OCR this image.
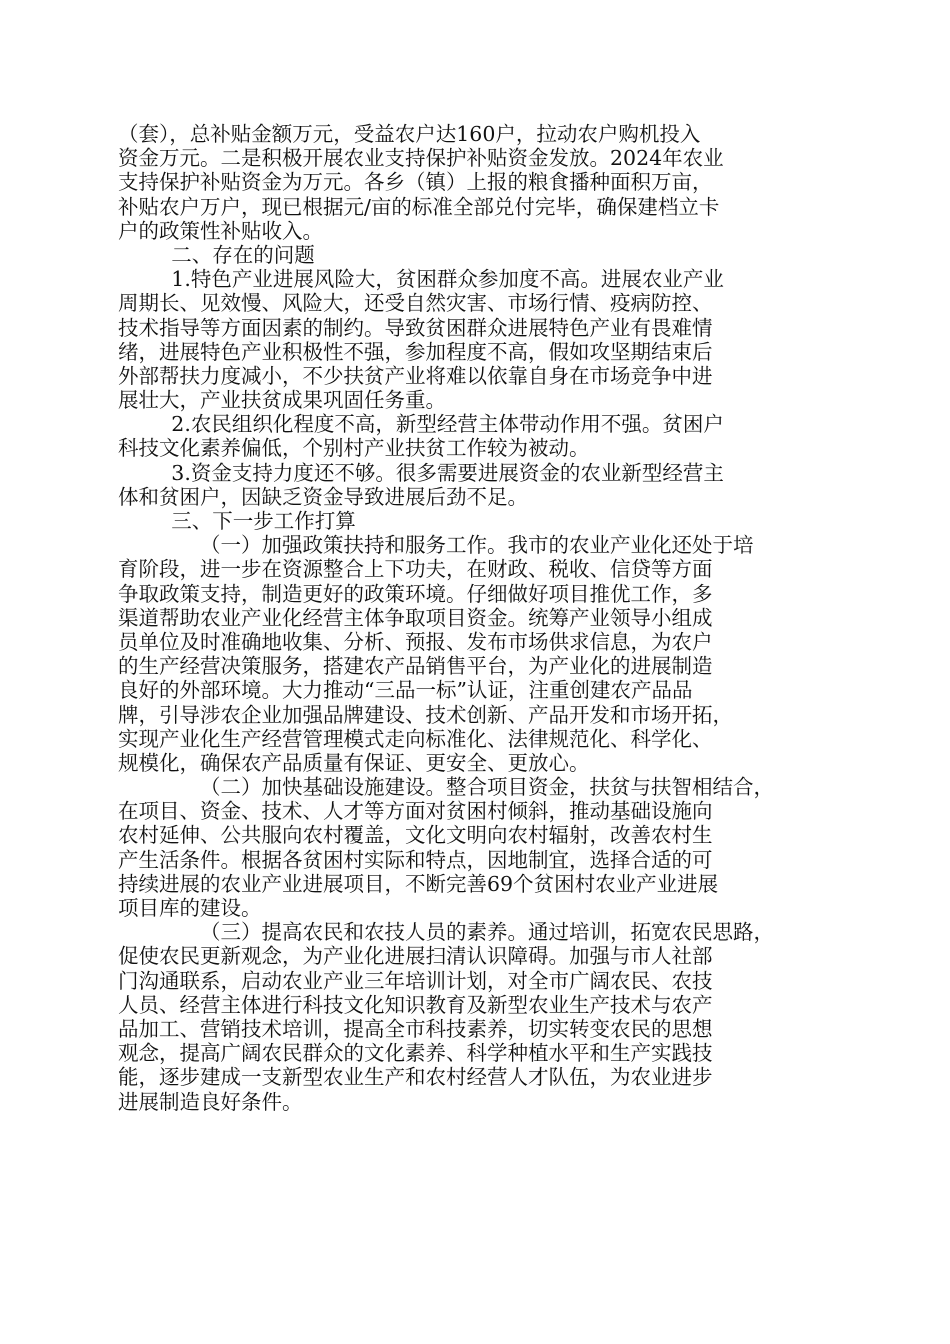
（套），总补贴金额万元，受益农户达160户，拉动农户购机投入
资金万元。二是积极开展农业支持保护补贴资金发放。2024年农业
支持保护补贴资金为万元。各乡（镇）上报的粮食播种面积万亩，
补贴农户万户，现已根据元/亩的标准全部兑付完毕，确保建档立卡
户的政策性补贴收入。
二、存在的问题
1.特色产业进展风险大，贫困群众参加度不高。进展农业产业
周期长、见效慢、风险大，还受自然灾害、市场行情、疫病防控、
技术指导等方面因素的制约。导致贫困群众进展特色产业有畏难情
绪，进展特色产业积极性不强，参加程度不高，假如攻坚期结束后
外部帮扶力度减小，不少扶贫产业将难以依靠自身在市场竞争中进
展壮大，产业扶贫成果巩固任务重。
2.农民组织化程度不高，新型经营主体带动作用不强。贫困户
科技文化素养偏低，个别村产业扶贫工作较为被动。
3.资金支持力度还不够。很多需要进展资金的农业新型经营主
体和贫困户，因缺乏资金导致进展后劲不足。
三、下一步工作打算
（一）加强政策扶持和服务工作。我市的农业产业化还处于培
育阶段，进一步在资源整合上下功夫，在财政、税收、信贷等方面
争取政策支持，制造更好的政策环境。仔细做好项目推优工作，多
渠道帮助农业产业化经营主体争取项目资金。统筹产业领导小组成
员单位及时准确地收集、分析、预报、发布市场供求信息，为农户
的生产经营决策服务，搭建农产品销售平台，为产业化的进展制造
良好的外部环境。大力推动“三品一标”认证，注重创建农产品品
牌，引导涉农企业加强品牌建设、技术创新、产品开发和市场开拓，
实现产业化生产经营管理模式走向标准化、法律规范化、科学化、
规模化，确保农产品质量有保证、更安全、更放心。
（二）加快基础设施建设。整合项目资金，扶贫与扶智相结合，
在项目、资金、技术、人才等方面对贫困村倾斜，推动基础设施向
农村延伸、公共服向农村覆盖，文化文明向农村辐射，改善农村生
产生活条件。根据各贫困村实际和特点，因地制宜，选择合适的可
持续进展的农业产业进展项目，不断完善69个贫困村农业产业进展
项目库的建设。
（三）提高农民和农技人员的素养。通过培训，拓宽农民思路，
促使农民更新观念，为产业化进展扫清认识障碍。加强与市人社部
门沟通联系，启动农业产业三年培训计划，对全市广阔农民、农技
人员、经营主体进行科技文化知识教育及新型农业生产技术与农产
品加工、营销技术培训，提高全市科技素养，切实转变农民的思想
观念，提高广阔农民群众的文化素养、科学种植水平和生产实践技
能，逐步建成一支新型农业生产和农村经营人才队伍，为农业进步
进展制造良好条件。
